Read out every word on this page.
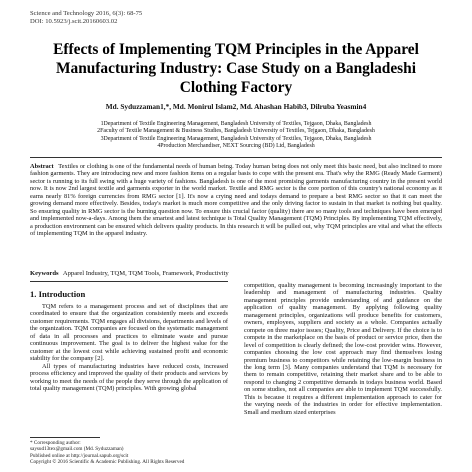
Science and Technology 2016, 6(3): 68-75
DOI: 10.5923/j.scit.20160603.02
Effects of Implementing TQM Principles in the Apparel Manufacturing Industry: Case Study on a Bangladeshi Clothing Factory
Md. Syduzzaman1,*, Md. Monirul Islam2, Md. Ahashan Habib3, Dilruba Yeasmin4
1Department of Textile Engineering Management, Bangladesh University of Textiles, Tejgaon, Dhaka, Bangladesh
2Faculty of Textile Management & Business Studies, Bangladesh University of Textiles, Tejgaon, Dhaka, Bangladesh
3Department of Textile Engineering Management, Bangladesh University of Textiles, Tejgaon, Dhaka, Bangladesh
4Production Merchandiser, NEXT Sourcing (BD) Ltd, Bangladesh
Abstract Textiles or clothing is one of the fundamental needs of human being. Today human being does not only meet this basic need, but also inclined to more fashion garments. They are introducing new and more fashion items on a regular basis to cope with the present era. That's why the RMG (Ready Made Garment) sector is running to its full swing with a huge variety of fashions. Bangladesh is one of the most promising garments manufacturing country in the present world now. It is now 2nd largest textile and garments exporter in the world market. Textile and RMG sector is the core portion of this country's national economy as it earns nearly 81% foreign currencies from RMG sector [1]. It's now a crying need and todays demand to prepare a best RMG sector so that it can meet the growing demand more effectively. Besides, today's market is much more competitive and the only driving factor to sustain in that market is nothing but quality. So ensuring quality in RMG sector is the burning question now. To ensure this crucial factor (quality) there are so many tools and techniques have been emerged and implemented now-a-days. Among them the smartest and latest technique is Total Quality Management (TQM) Principles. By implementing TQM effectively, a production environment can be ensured which delivers quality products. In this research it will be pulled out, why TQM principles are vital and what the effects of implementing TQM in the apparel industry.
Keywords Apparel Industry, TQM, TQM Tools, Framework, Productivity
1. Introduction

TQM refers to a management process and set of disciplines that are coordinated to ensure that the organization consistently meets and exceeds customer requirements. TQM engages all divisions, departments and levels of the organization. TQM companies are focused on the systematic management of data in all processes and practices to eliminate waste and pursue continuous improvement. The goal is to deliver the highest value for the customer at the lowest cost while achieving sustained profit and economic stability for the company [2].

All types of manufacturing industries have reduced costs, increased process efficiency and improved the quality of their products and services by working to meet the needs of the people they serve through the application of total quality management (TQM) principles. With growing global

competition, quality management is becoming increasingly important to the leadership and management of manufacturing industries. Quality management principles provide understanding of and guidance on the application of quality management. By applying following quality management principles, organizations will produce benefits for customers, owners, employees, suppliers and society as a whole. Companies actually compete on three major issues; Quality, Price and Delivery. If the choice is to compete in the marketplace on the basis of product or service price, then the level of competition is clearly defined; the low-cost provider wins. However, companies choosing the low cost approach may find themselves losing premium business to competitors while retaining the low-margin business in the long term [3]. Many companies understand that TQM is necessary for them to remain competitive, retaining their market share and to be able to respond to changing 2 competitive demands in todays business world. Based on some studies, not all companies are able to implement TQM successfully. This is because it requires a different implementation approach to cater for the varying needs of the industries in order for effective implementation. Small and medium sized enterprises

* Corresponding author:
saysud13tex@gmail.com (Md. Syduzzaman)
Published online at http://journal.sapub.org/scit
Copyright © 2016 Scientific & Academic Publishing. All Rights Reserved
